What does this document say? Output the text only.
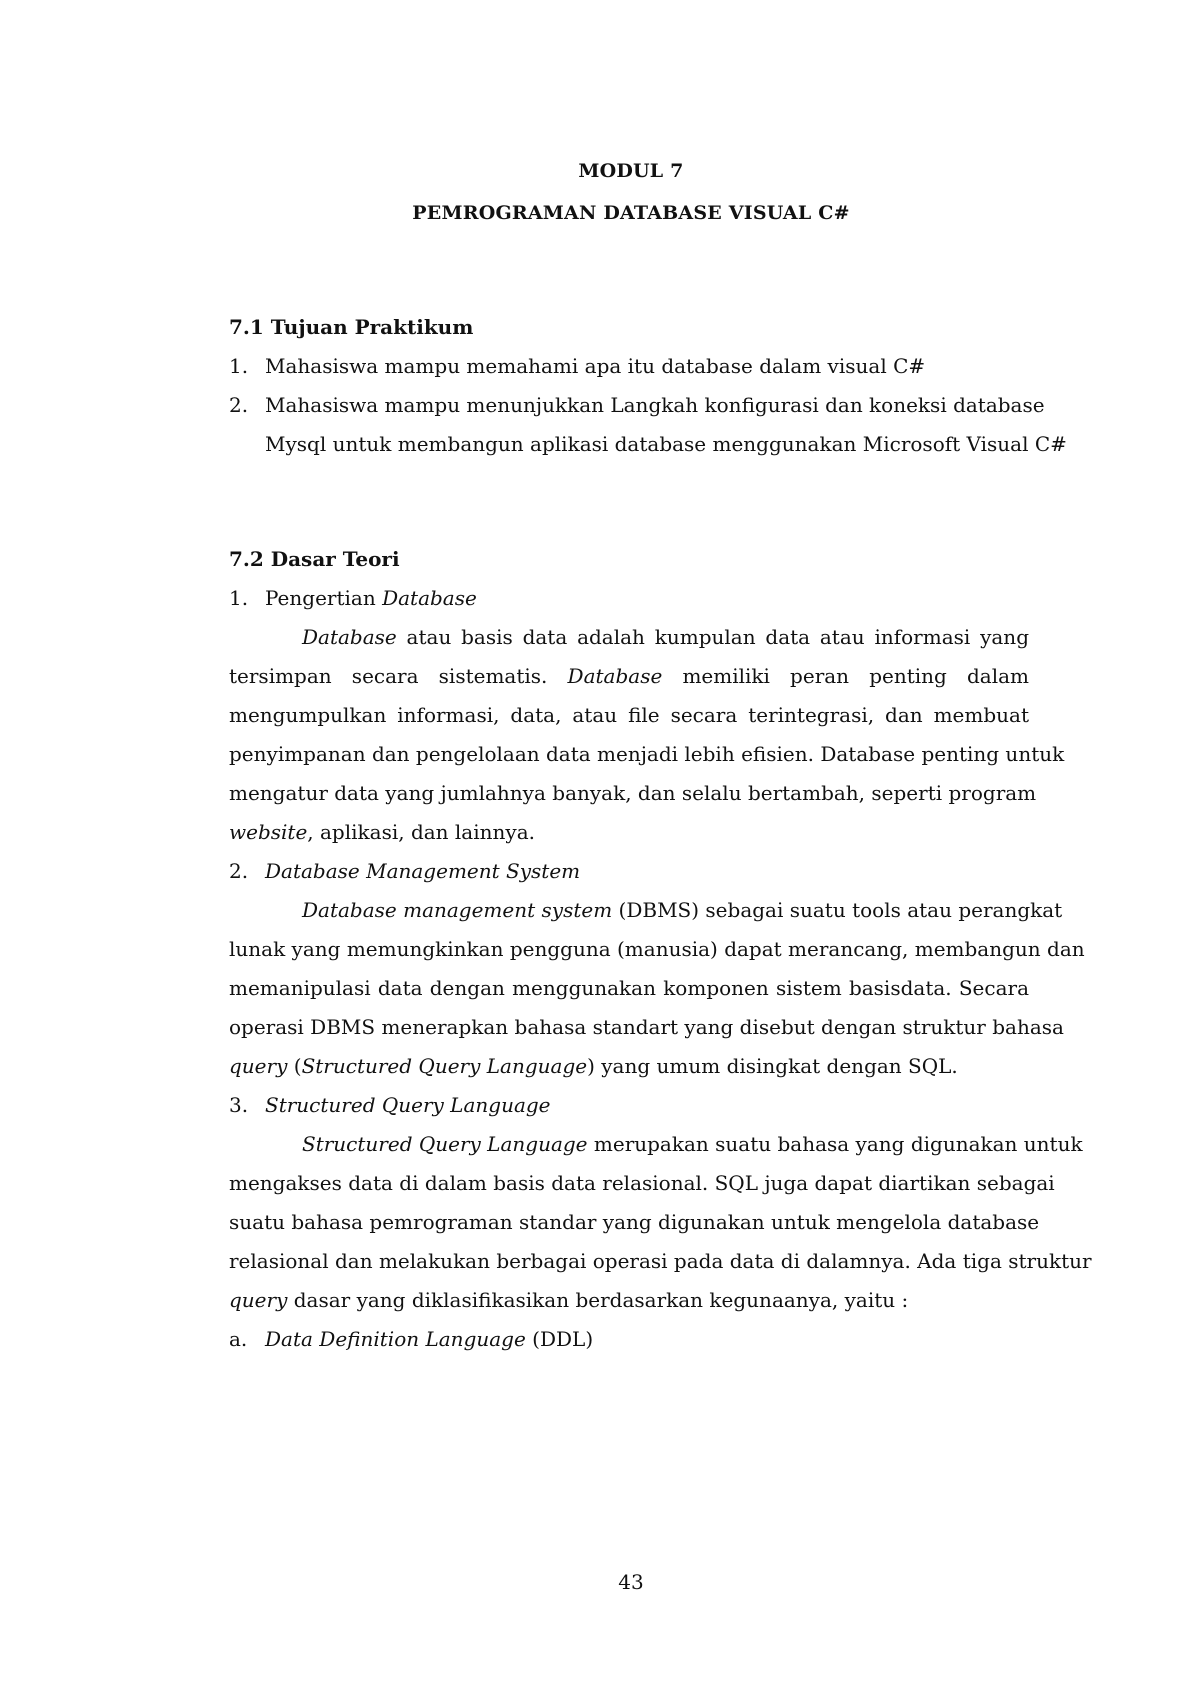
MODUL 7
PEMROGRAMAN DATABASE VISUAL C#
7.1 Tujuan Praktikum
1. Mahasiswa mampu memahami apa itu database dalam visual C#
2. Mahasiswa mampu menunjukkan Langkah konfigurasi dan koneksi database
Mysql untuk membangun aplikasi database menggunakan Microsoft Visual C#
7.2 Dasar Teori
1. Pengertian Database
Database atau basis data adalah kumpulan data atau informasi yang
tersimpan secara sistematis. Database memiliki peran penting dalam
mengumpulkan informasi, data, atau file secara terintegrasi, dan membuat
penyimpanan dan pengelolaan data menjadi lebih efisien. Database penting untuk
mengatur data yang jumlahnya banyak, dan selalu bertambah, seperti program
website, aplikasi, dan lainnya.
2. Database Management System
Database management system (DBMS) sebagai suatu tools atau perangkat
lunak yang memungkinkan pengguna (manusia) dapat merancang, membangun dan
memanipulasi data dengan menggunakan komponen sistem basisdata. Secara
operasi DBMS menerapkan bahasa standart yang disebut dengan struktur bahasa
query (Structured Query Language) yang umum disingkat dengan SQL.
3. Structured Query Language
Structured Query Language merupakan suatu bahasa yang digunakan untuk
mengakses data di dalam basis data relasional. SQL juga dapat diartikan sebagai
suatu bahasa pemrograman standar yang digunakan untuk mengelola database
relasional dan melakukan berbagai operasi pada data di dalamnya. Ada tiga struktur
query dasar yang diklasifikasikan berdasarkan kegunaanya, yaitu :
a. Data Definition Language (DDL)
43
